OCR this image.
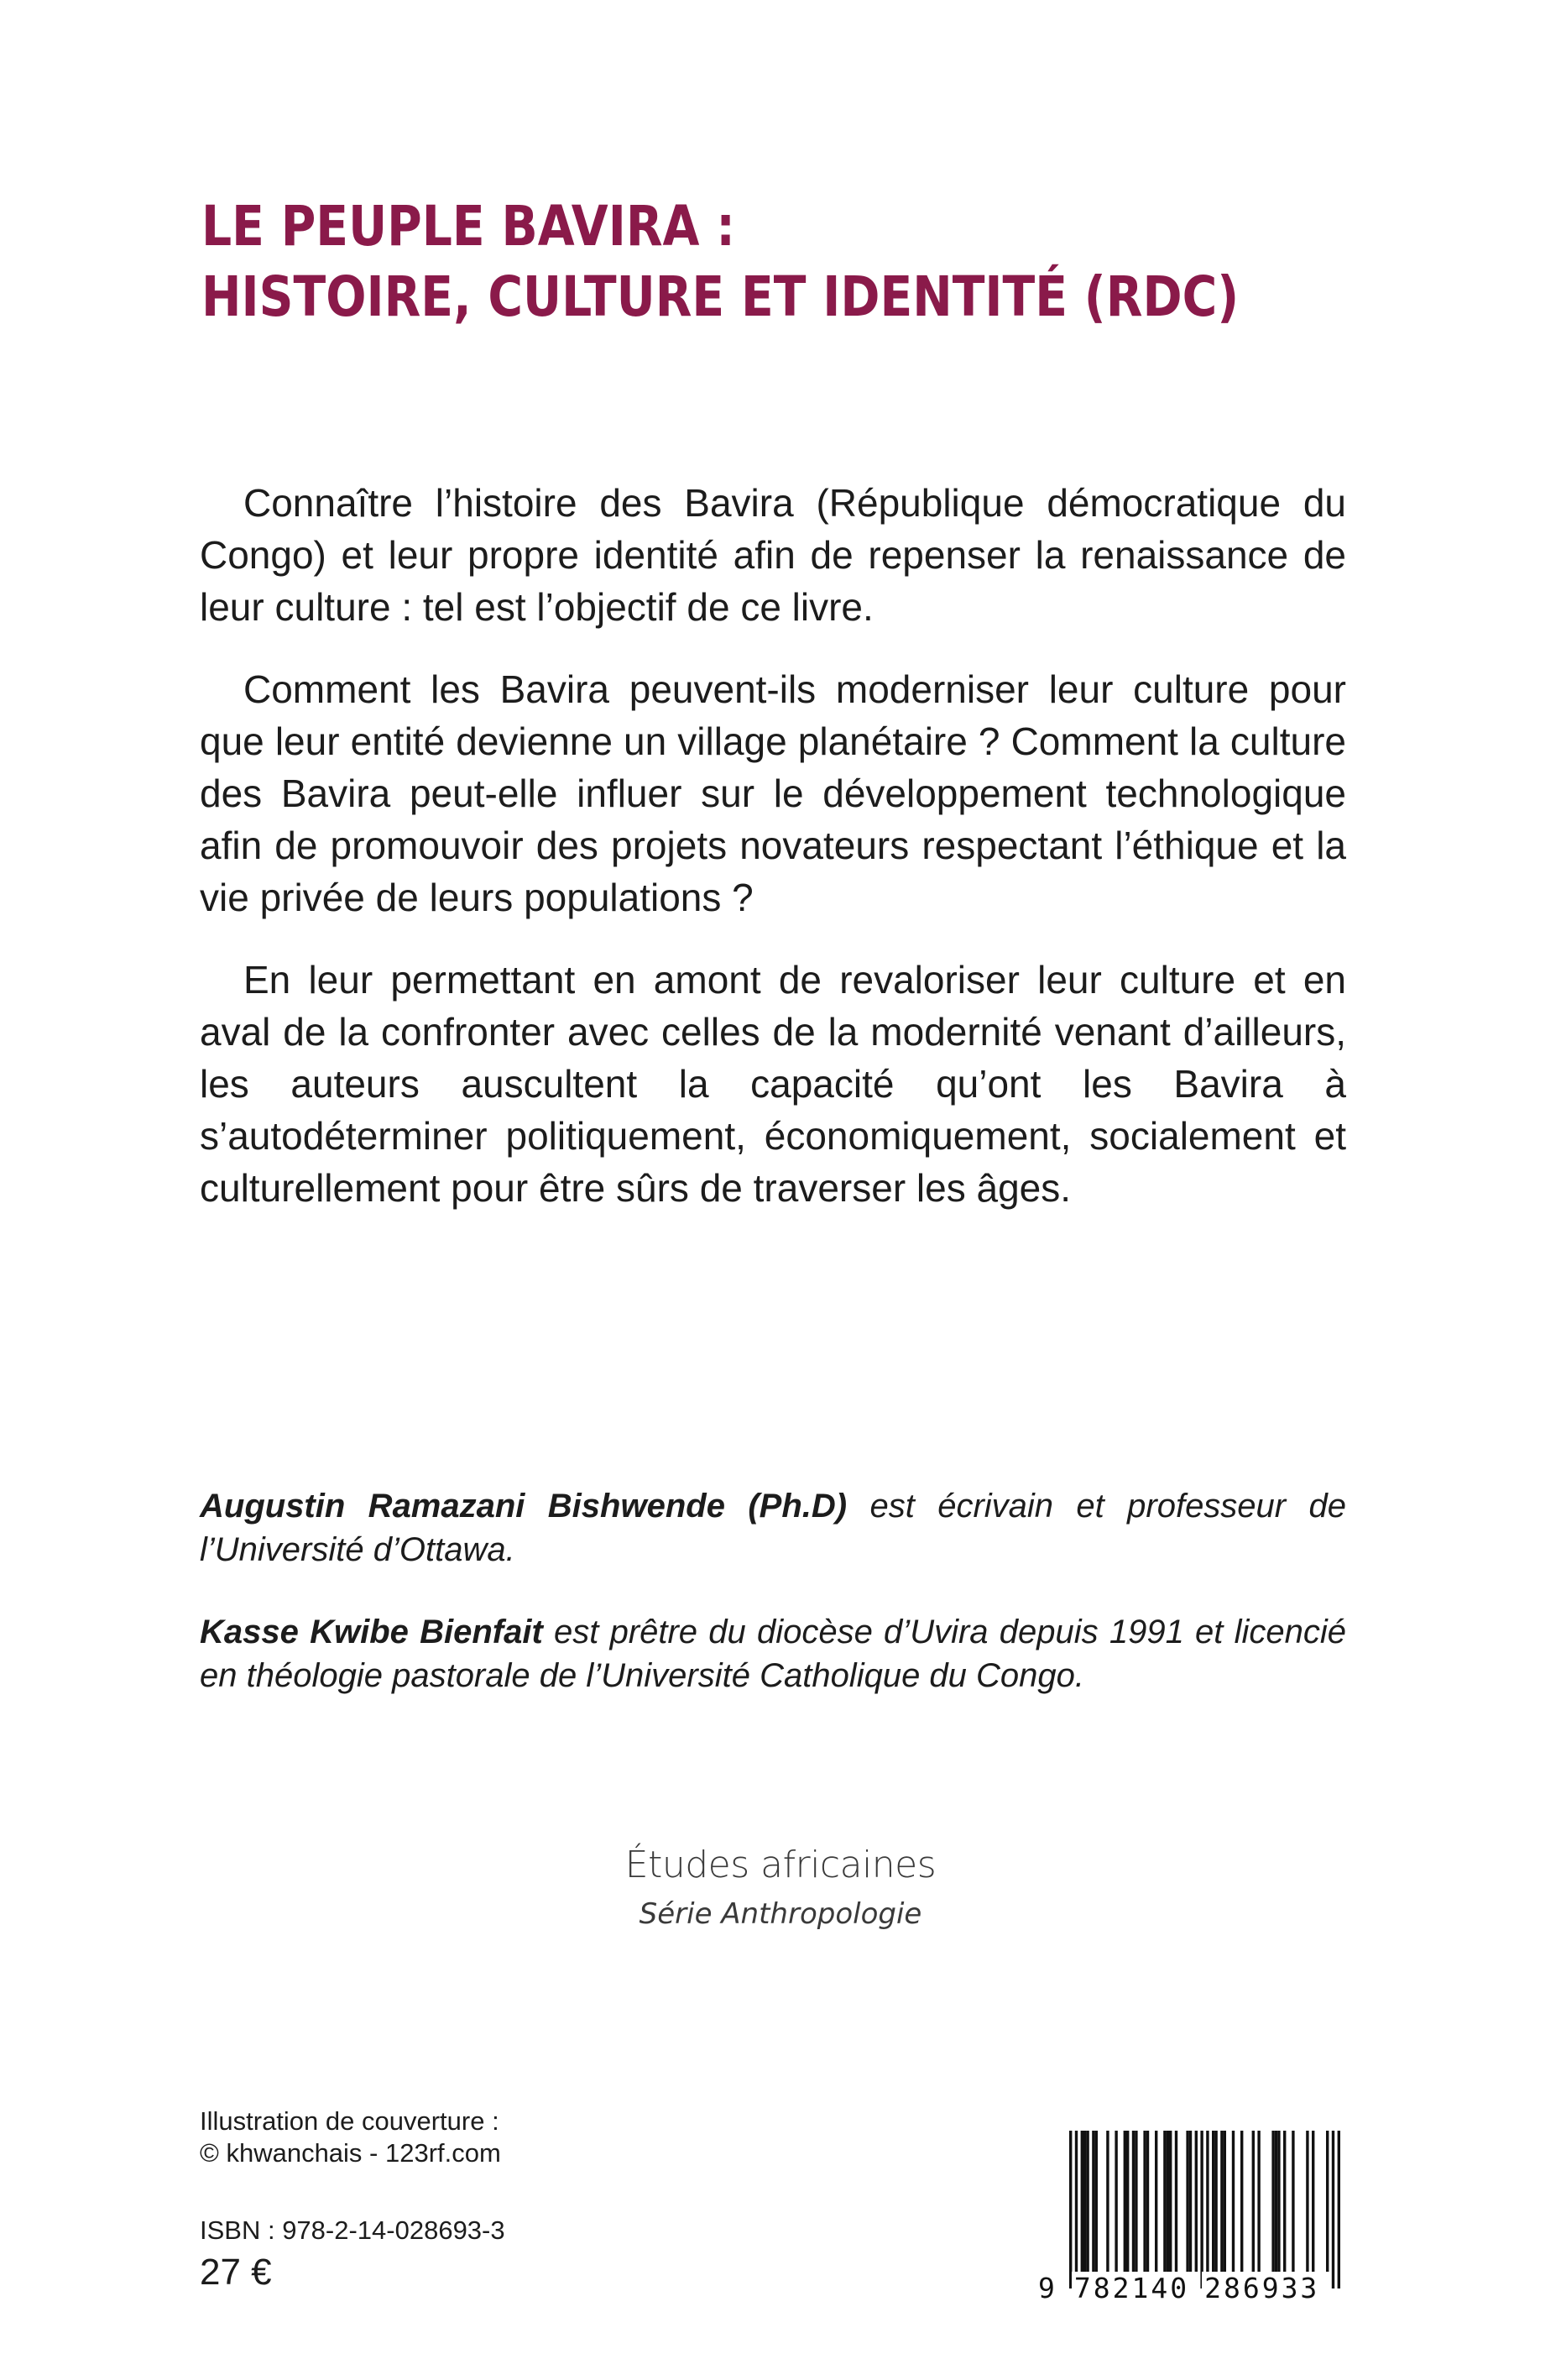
LE PEUPLE BAVIRA :
HISTOIRE, CULTURE ET IDENTITÉ (RDC)

Connaître l’histoire des Bavira (République démocratique du Congo) et leur propre identité afin de repenser la renaissance de leur culture : tel est l’objectif de ce livre.

Comment les Bavira peuvent-ils moderniser leur culture pour que leur entité devienne un village planétaire ? Comment la culture des Bavira peut-elle influer sur le développement technologique afin de promouvoir des projets novateurs respectant l’éthique et la vie privée de leurs populations ?

En leur permettant en amont de revaloriser leur culture et en aval de la confronter avec celles de la modernité venant d’ailleurs, les auteurs auscultent la capacité qu’ont les Bavira à s’autodéterminer politiquement, économiquement, socialement et culturellement pour être sûrs de traverser les âges.

Augustin Ramazani Bishwende (Ph.D) est écrivain et professeur de l’Université d’Ottawa.

Kasse Kwibe Bienfait est prêtre du diocèse d’Uvira depuis 1991 et licencié en théologie pastorale de l’Université Catholique du Congo.

Études africaines
Série Anthropologie
Illustration de couverture :
© khwanchais - 123rf.com
ISBN : 978-2-14-028693-3
27 €	9 782140 286933
